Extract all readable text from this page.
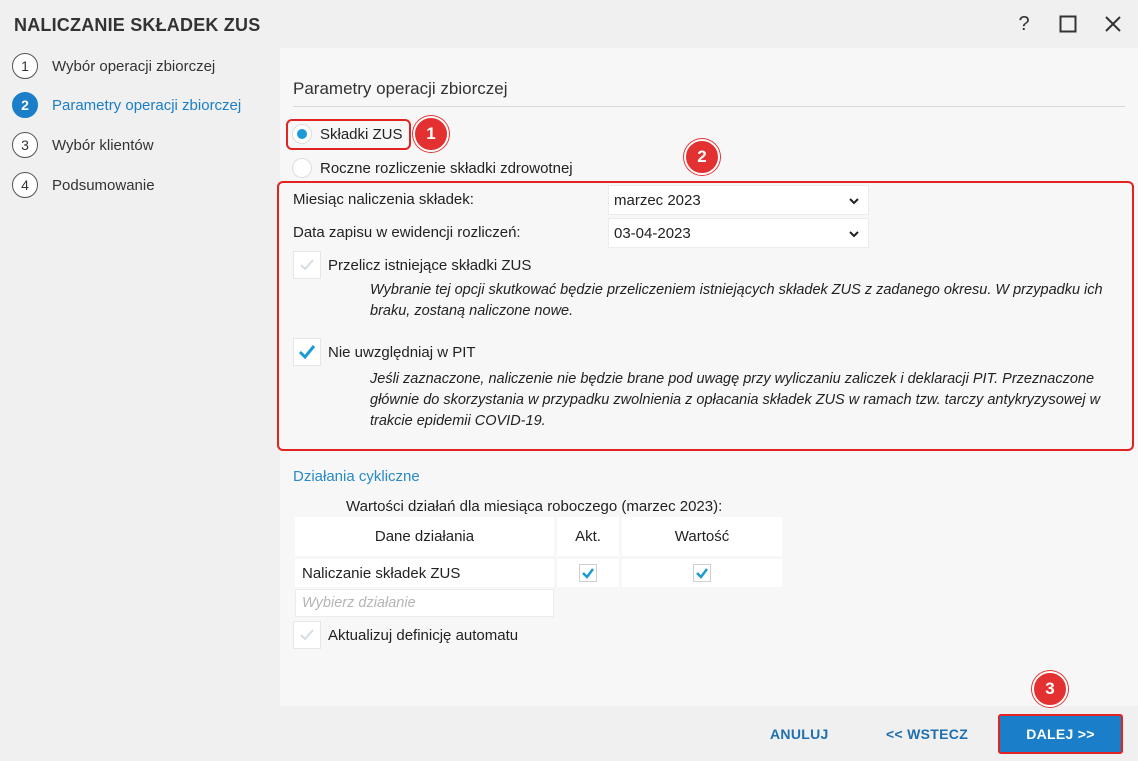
NALICZANIE SKŁADEK ZUS	?
1	Wybór operacji zbiorczej
2	Parametry operacji zbiorczej
3	Wybór klientów
4	Podsumowanie
Parametry operacji zbiorczej
Składki ZUS	1
Roczne rozliczenie składki zdrowotnej
2
Miesiąc naliczenia składek:	marzec 2023
Data zapisu w ewidencji rozliczeń:	03-04-2023
Przelicz istniejące składki ZUS
Wybranie tej opcji skutkować będzie przeliczeniem istniejących składek ZUS z zadanego okresu. W przypadku ich braku, zostaną naliczone nowe.
Nie uwzględniaj w PIT
Jeśli zaznaczone, naliczenie nie będzie brane pod uwagę przy wyliczaniu zaliczek i deklaracji PIT. Przeznaczone głównie do skorzystania w przypadku zwolnienia z opłacania składek ZUS w ramach tzw. tarczy antykryzysowej w trakcie epidemii COVID-19.
Działania cykliczne
Wartości działań dla miesiąca roboczego (marzec 2023):
Dane działania	Akt.	Wartość
Naliczanie składek ZUS
Wybierz działanie
Aktualizuj definicję automatu
ANULUJ	<< WSTECZ	DALEJ >>
3
